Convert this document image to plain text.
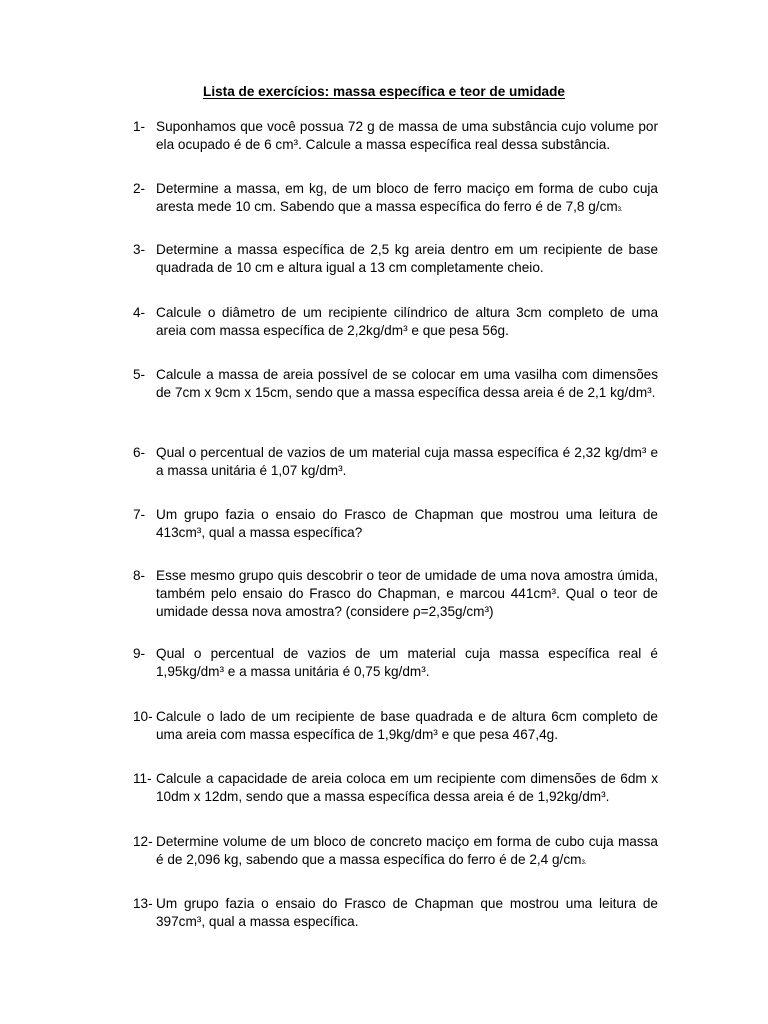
Lista de exercícios: massa específica e teor de umidade
1- Suponhamos que você possua 72 g de massa de uma substância cujo volume por ela ocupado é de 6 cm³. Calcule a massa específica real dessa substância.

2- Determine a massa, em kg, de um bloco de ferro maciço em forma de cubo cuja aresta mede 10 cm. Sabendo que a massa específica do ferro é de 7,8 g/cm3.

3- Determine a massa específica de 2,5 kg areia dentro em um recipiente de base quadrada de 10 cm e altura igual a 13 cm completamente cheio.

4- Calcule o diâmetro de um recipiente cilíndrico de altura 3cm completo de uma areia com massa específica de 2,2kg/dm³ e que pesa 56g.

5- Calcule a massa de areia possível de se colocar em uma vasilha com dimensões de 7cm x 9cm x 15cm, sendo que a massa específica dessa areia é de 2,1 kg/dm³.

6- Qual o percentual de vazios de um material cuja massa específica é 2,32 kg/dm³ e a massa unitária é 1,07 kg/dm³.

7- Um grupo fazia o ensaio do Frasco de Chapman que mostrou uma leitura de 413cm³, qual a massa específica?

8- Esse mesmo grupo quis descobrir o teor de umidade de uma nova amostra úmida, também pelo ensaio do Frasco do Chapman, e marcou 441cm³. Qual o teor de umidade dessa nova amostra? (considere ρ=2,35g/cm³)

9- Qual o percentual de vazios de um material cuja massa específica real é 1,95kg/dm³ e a massa unitária é 0,75 kg/dm³.

10- Calcule o lado de um recipiente de base quadrada e de altura 6cm completo de uma areia com massa específica de 1,9kg/dm³ e que pesa 467,4g.

11- Calcule a capacidade de areia coloca em um recipiente com dimensões de 6dm x 10dm x 12dm, sendo que a massa específica dessa areia é de 1,92kg/dm³.

12- Determine volume de um bloco de concreto maciço em forma de cubo cuja massa é de 2,096 kg, sabendo que a massa específica do ferro é de 2,4 g/cm3.

13- Um grupo fazia o ensaio do Frasco de Chapman que mostrou uma leitura de 397cm³, qual a massa específica.
